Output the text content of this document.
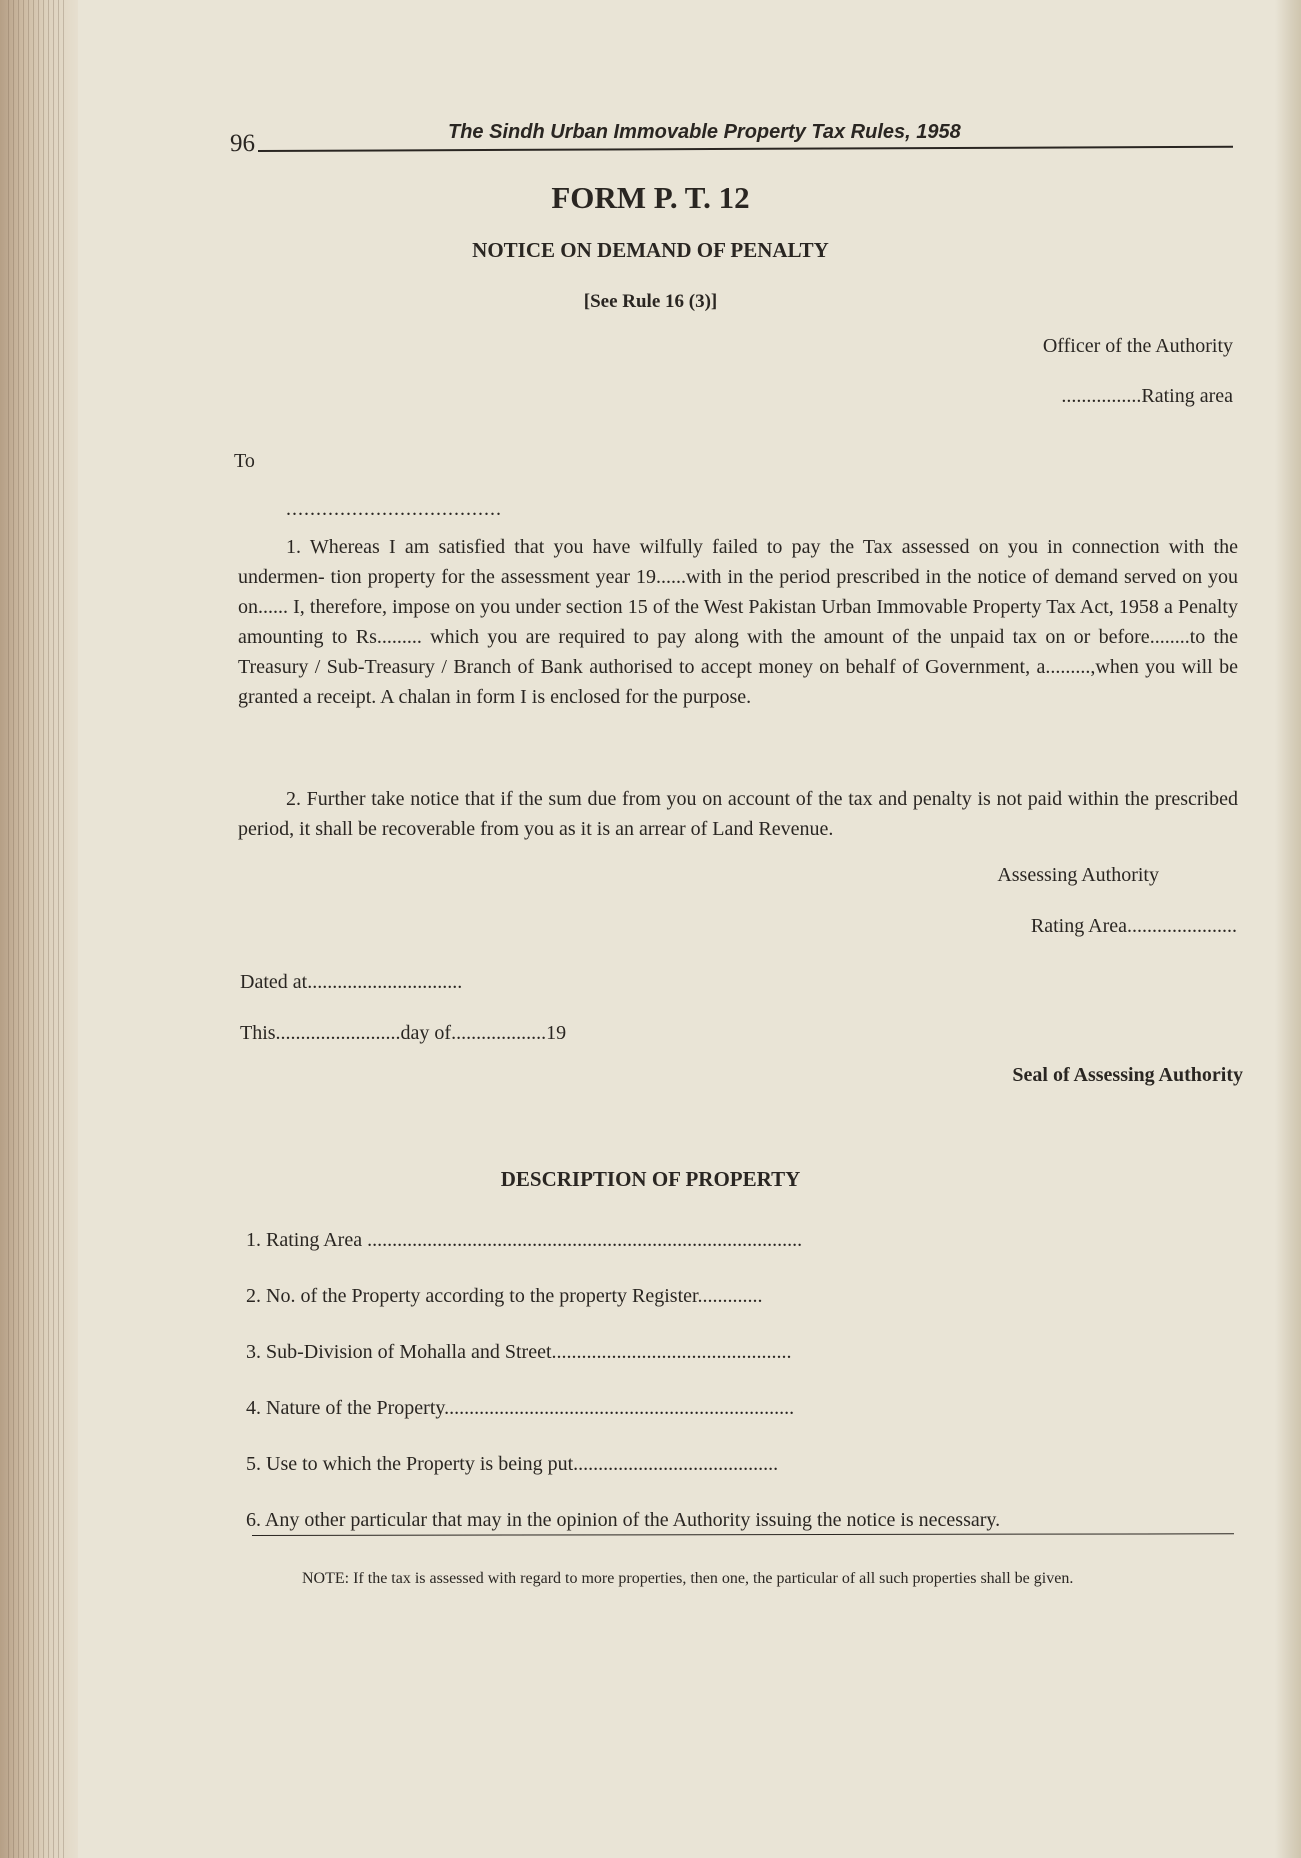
96	The Sindh Urban Immovable Property Tax Rules, 1958
FORM P. T. 12
NOTICE ON DEMAND OF PENALTY
[See Rule 16 (3)]
Officer of the Authority
................Rating area
To
....................................
1. Whereas I am satisfied that you have wilfully failed to pay the Tax assessed on you in connection with the undermen- tion property for the assessment year 19......with in the period prescribed in the notice of demand served on you on...... I, therefore, impose on you under section 15 of the West Pakistan Urban Immovable Property Tax Act, 1958 a Penalty amounting to Rs......... which you are required to pay along with the amount of the unpaid tax on or before........to the Treasury / Sub-Treasury / Branch of Bank authorised to accept money on behalf of Government, a.........,when you will be granted a receipt. A chalan in form I is enclosed for the purpose.
2. Further take notice that if the sum due from you on account of the tax and penalty is not paid within the prescribed period, it shall be recoverable from you as it is an arrear of Land Revenue.
Assessing Authority
Rating Area......................
Dated at...............................
This.........................day of...................19
Seal of Assessing Authority
DESCRIPTION OF PROPERTY
1. Rating Area .......................................................................................
2. No. of the Property according to the property Register.............
3. Sub-Division of Mohalla and Street................................................
4. Nature of the Property......................................................................
5. Use to which the Property is being put.........................................
6. Any other particular that may in the opinion of the Authority issuing the notice is necessary.
NOTE: If the tax is assessed with regard to more properties, then one, the particular of all such properties shall be given.
